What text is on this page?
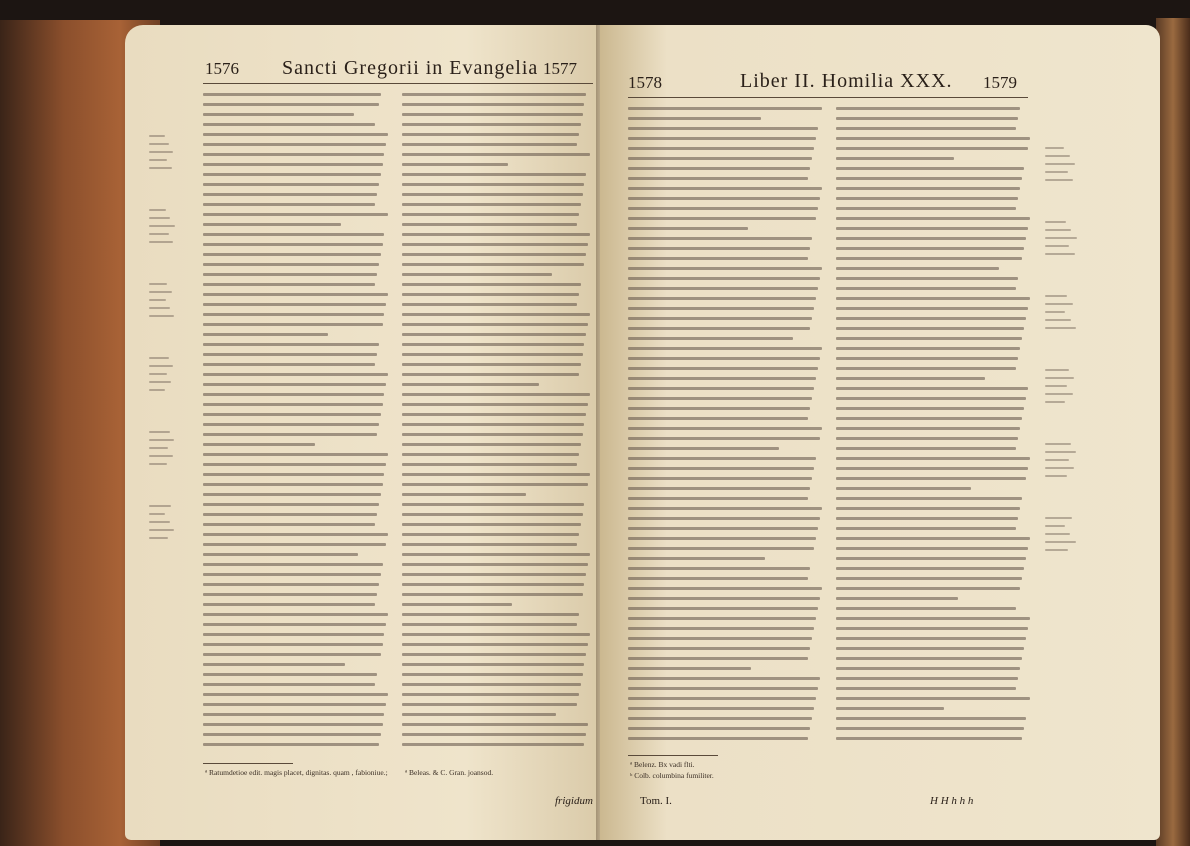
1576 Sancti Gregorii in Evangelia 1577
ª Ratumdetioe edit. magis placet, dignitas. quam , fabioniue.;	ª Beleas. & C. Gran. joansod.
frigidum
1578	Liber II. Homilia XXX. 1579
ª Belenz. Bx vadi flti.
ᵇ Colb. columbina fumiliter.
Tom. I.	H H h h h
